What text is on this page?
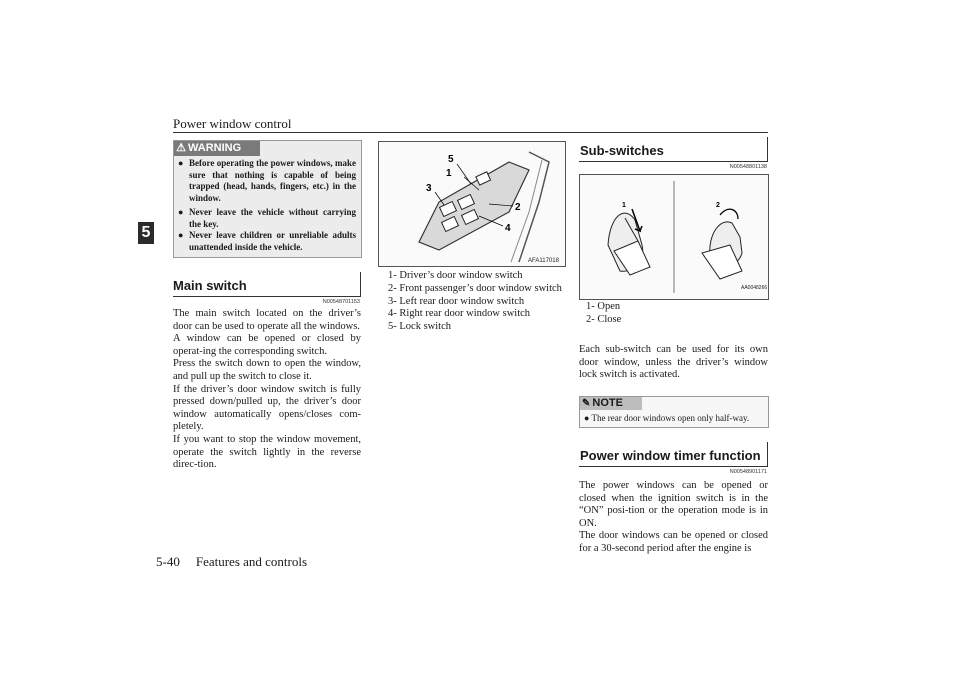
Power window control
5
⚠ WARNING
● Before operating the power windows, make sure that nothing is capable of being trapped (head, hands, fingers, etc.) in the window.
● Never leave the vehicle without carrying the key.
● Never leave children or unreliable adults unattended inside the vehicle.
Main switch
N00548701153

The main switch located on the driver’s door can be used to operate all the windows.

A window can be opened or closed by operat-ing the corresponding switch.

Press the switch down to open the window, and pull up the switch to close it.

If the driver’s door window switch is fully pressed down/pulled up, the driver’s door window automatically opens/closes com-pletely.

If you want to stop the window movement, operate the switch lightly in the reverse direc-tion.

5
1
3
2
4
AFA117018
1- Driver’s door window switch
2- Front passenger’s door window switch
3- Left rear door window switch
4- Right rear door window switch
5- Lock switch
Sub-switches
N00548801138
1	2
AA0048266
1- Open
2- Close

Each sub-switch can be used for its own door window, unless the driver’s window lock switch is activated.

✎ NOTE
● The rear door windows open only half-way.
Power window timer function
N00548901171

The power windows can be opened or closed when the ignition switch is in the “ON” posi-tion or the operation mode is in ON.

The door windows can be opened or closed for a 30-second period after the engine is

5-40 Features and controls
